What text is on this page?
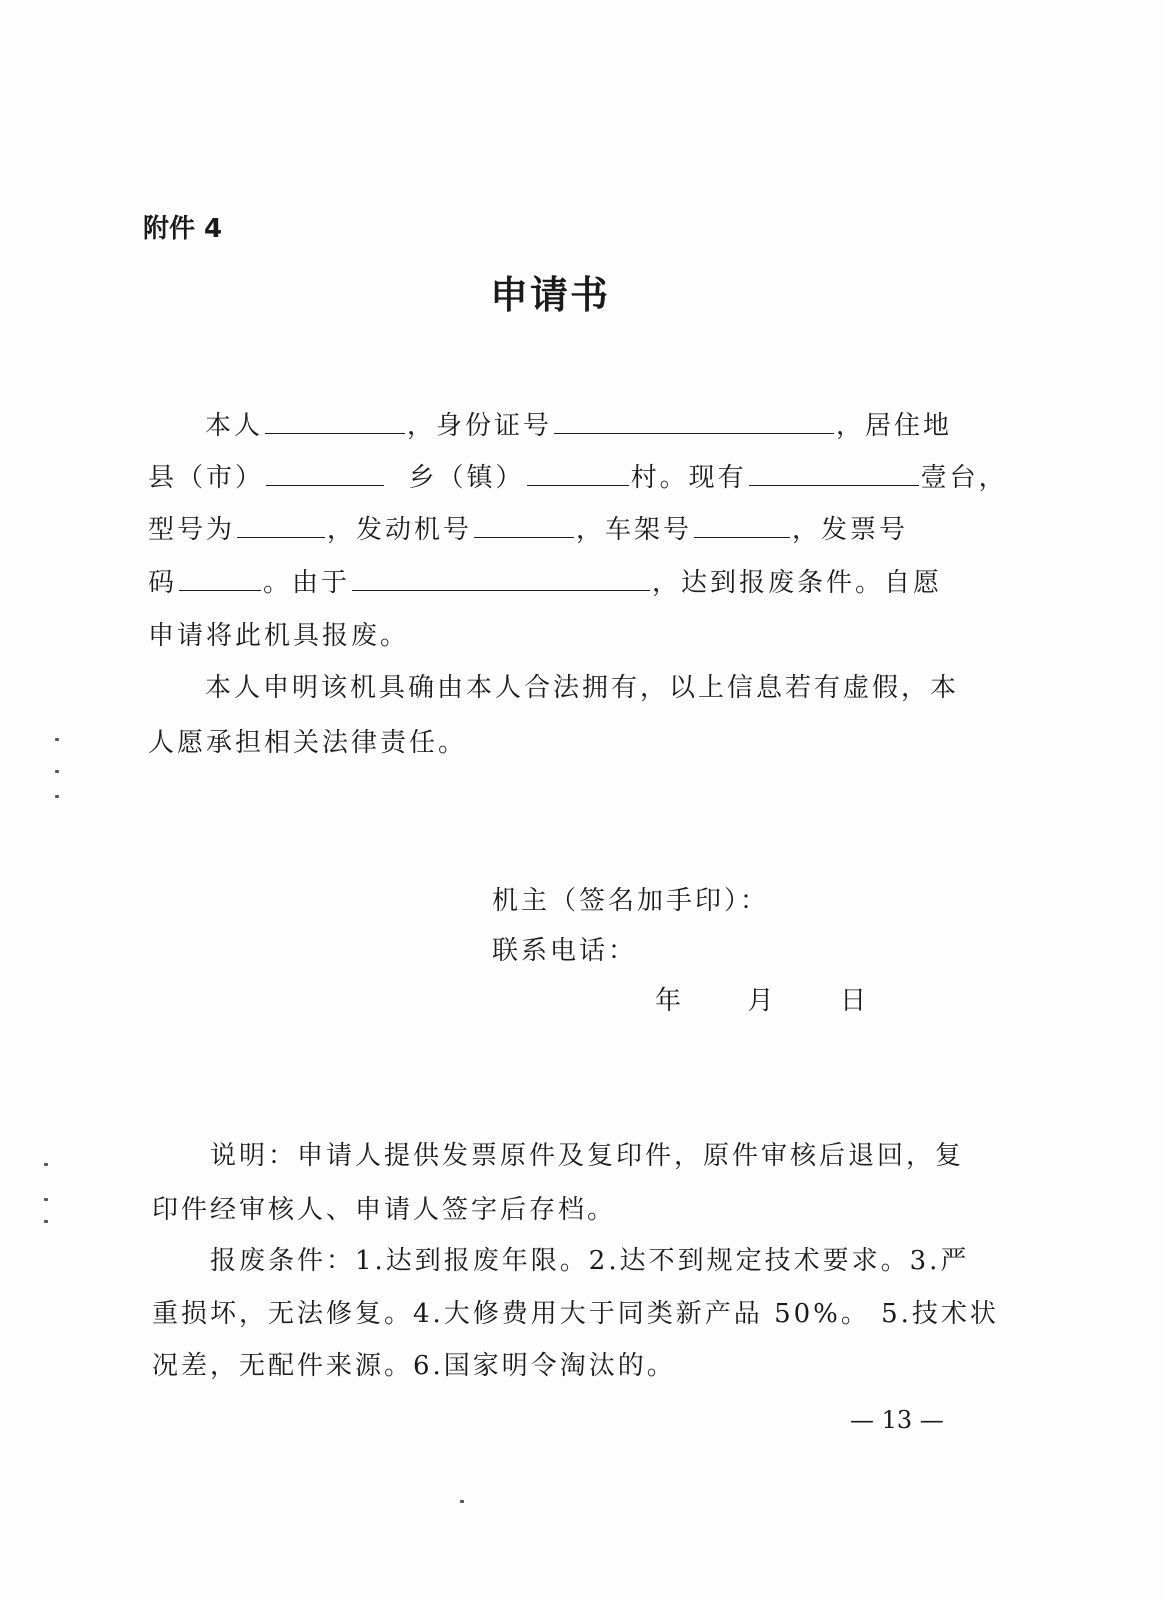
附件 4
申请书
本人	，身份证号	，居住地
县（市）	乡（镇）	村。现有	壹台，
型号为	，发动机号	，车架号	，发票号
码	。由于	，达到报废条件。自愿
申请将此机具报废。
本人申明该机具确由本人合法拥有，以上信息若有虚假，本
人愿承担相关法律责任。
机主（签名加手印）：
联系电话：
年	月	日
说明：申请人提供发票原件及复印件，原件审核后退回，复
印件经审核人、申请人签字后存档。
报废条件：1.达到报废年限。2.达不到规定技术要求。3.严
重损坏，无法修复。4.大修费用大于同类新产品 50%。 5.技术状
况差，无配件来源。6.国家明令淘汰的。
— 13 —
